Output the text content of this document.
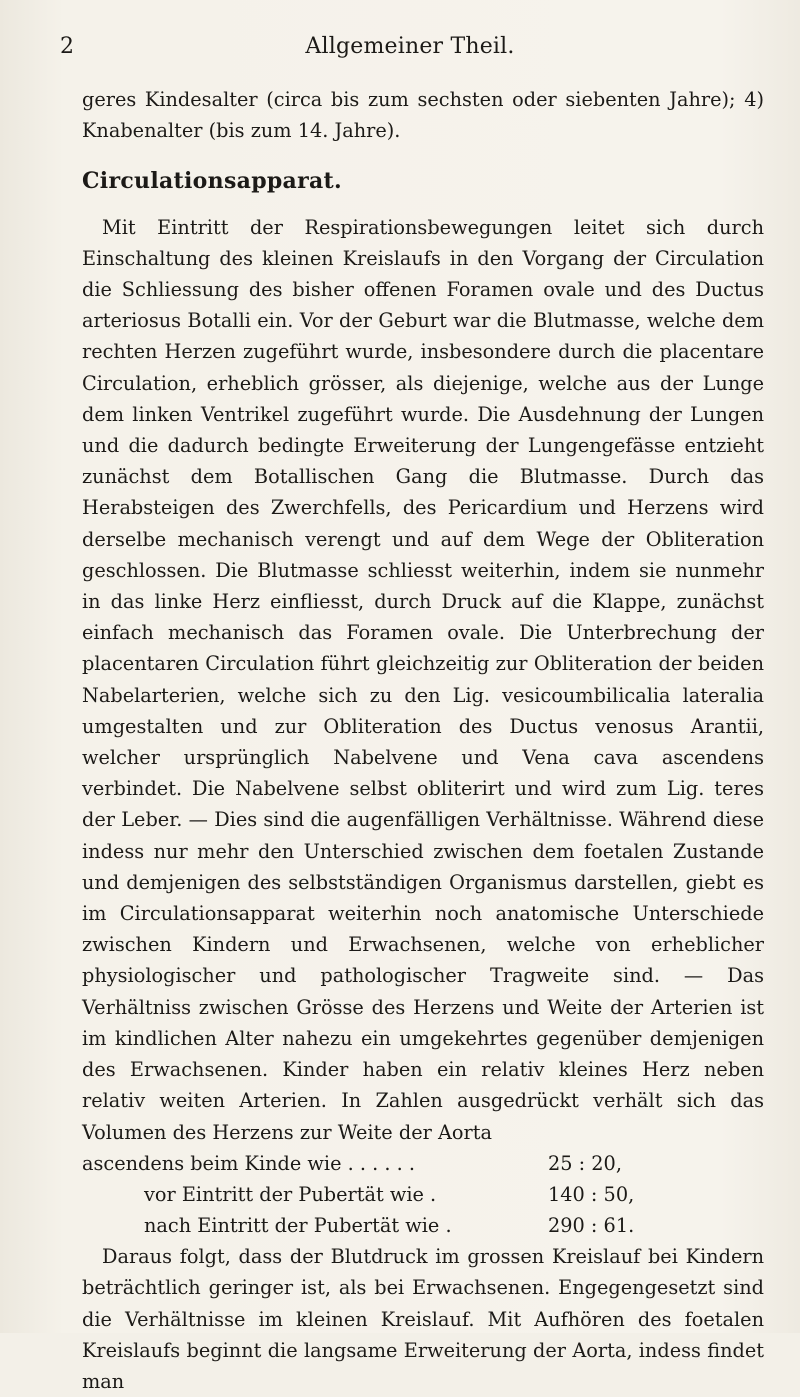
2	Allgemeiner Theil.

geres Kindesalter (circa bis zum sechsten oder siebenten Jahre); 4) Knabenalter (bis zum 14. Jahre).

Circulationsapparat.

Mit Eintritt der Respirationsbewegungen leitet sich durch Einschaltung des kleinen Kreislaufs in den Vorgang der Circulation die Schliessung des bisher offenen Foramen ovale und des Ductus arteriosus Botalli ein. Vor der Geburt war die Blutmasse, welche dem rechten Herzen zugeführt wurde, insbesondere durch die placentare Circulation, erheblich grösser, als diejenige, welche aus der Lunge dem linken Ventrikel zugeführt wurde. Die Ausdehnung der Lungen und die dadurch bedingte Erweiterung der Lungengefässe entzieht zunächst dem Botallischen Gang die Blutmasse. Durch das Herabsteigen des Zwerchfells, des Pericardium und Herzens wird derselbe mechanisch verengt und auf dem Wege der Obliteration geschlossen. Die Blutmasse schliesst weiterhin, indem sie nunmehr in das linke Herz einfliesst, durch Druck auf die Klappe, zunächst einfach mechanisch das Foramen ovale. Die Unterbrechung der placentaren Circulation führt gleichzeitig zur Obliteration der beiden Nabelarterien, welche sich zu den Lig. vesicoumbilicalia lateralia umgestalten und zur Obliteration des Ductus venosus Arantii, welcher ursprünglich Nabelvene und Vena cava ascendens verbindet. Die Nabelvene selbst obliterirt und wird zum Lig. teres der Leber. — Dies sind die augenfälligen Verhältnisse. Während diese indess nur mehr den Unterschied zwischen dem foetalen Zustande und demjenigen des selbstständigen Organismus darstellen, giebt es im Circulationsapparat weiterhin noch anatomische Unterschiede zwischen Kindern und Erwachsenen, welche von erheblicher physiologischer und pathologischer Tragweite sind. — Das Verhältniss zwischen Grösse des Herzens und Weite der Arterien ist im kindlichen Alter nahezu ein umgekehrtes gegenüber demjenigen des Erwachsenen. Kinder haben ein relativ kleines Herz neben relativ weiten Arterien. In Zahlen ausgedrückt verhält sich das Volumen des Herzens zur Weite der Aorta

ascendens beim Kinde wie . . . . . .	25 : 20,
vor Eintritt der Pubertät wie .	140 : 50,
nach Eintritt der Pubertät wie .	290 : 61.

Daraus folgt, dass der Blutdruck im grossen Kreislauf bei Kindern beträchtlich geringer ist, als bei Erwachsenen. Engegengesetzt sind die Verhältnisse im kleinen Kreislauf. Mit Aufhören des foetalen Kreislaufs beginnt die langsame Erweiterung der Aorta, indess findet man
